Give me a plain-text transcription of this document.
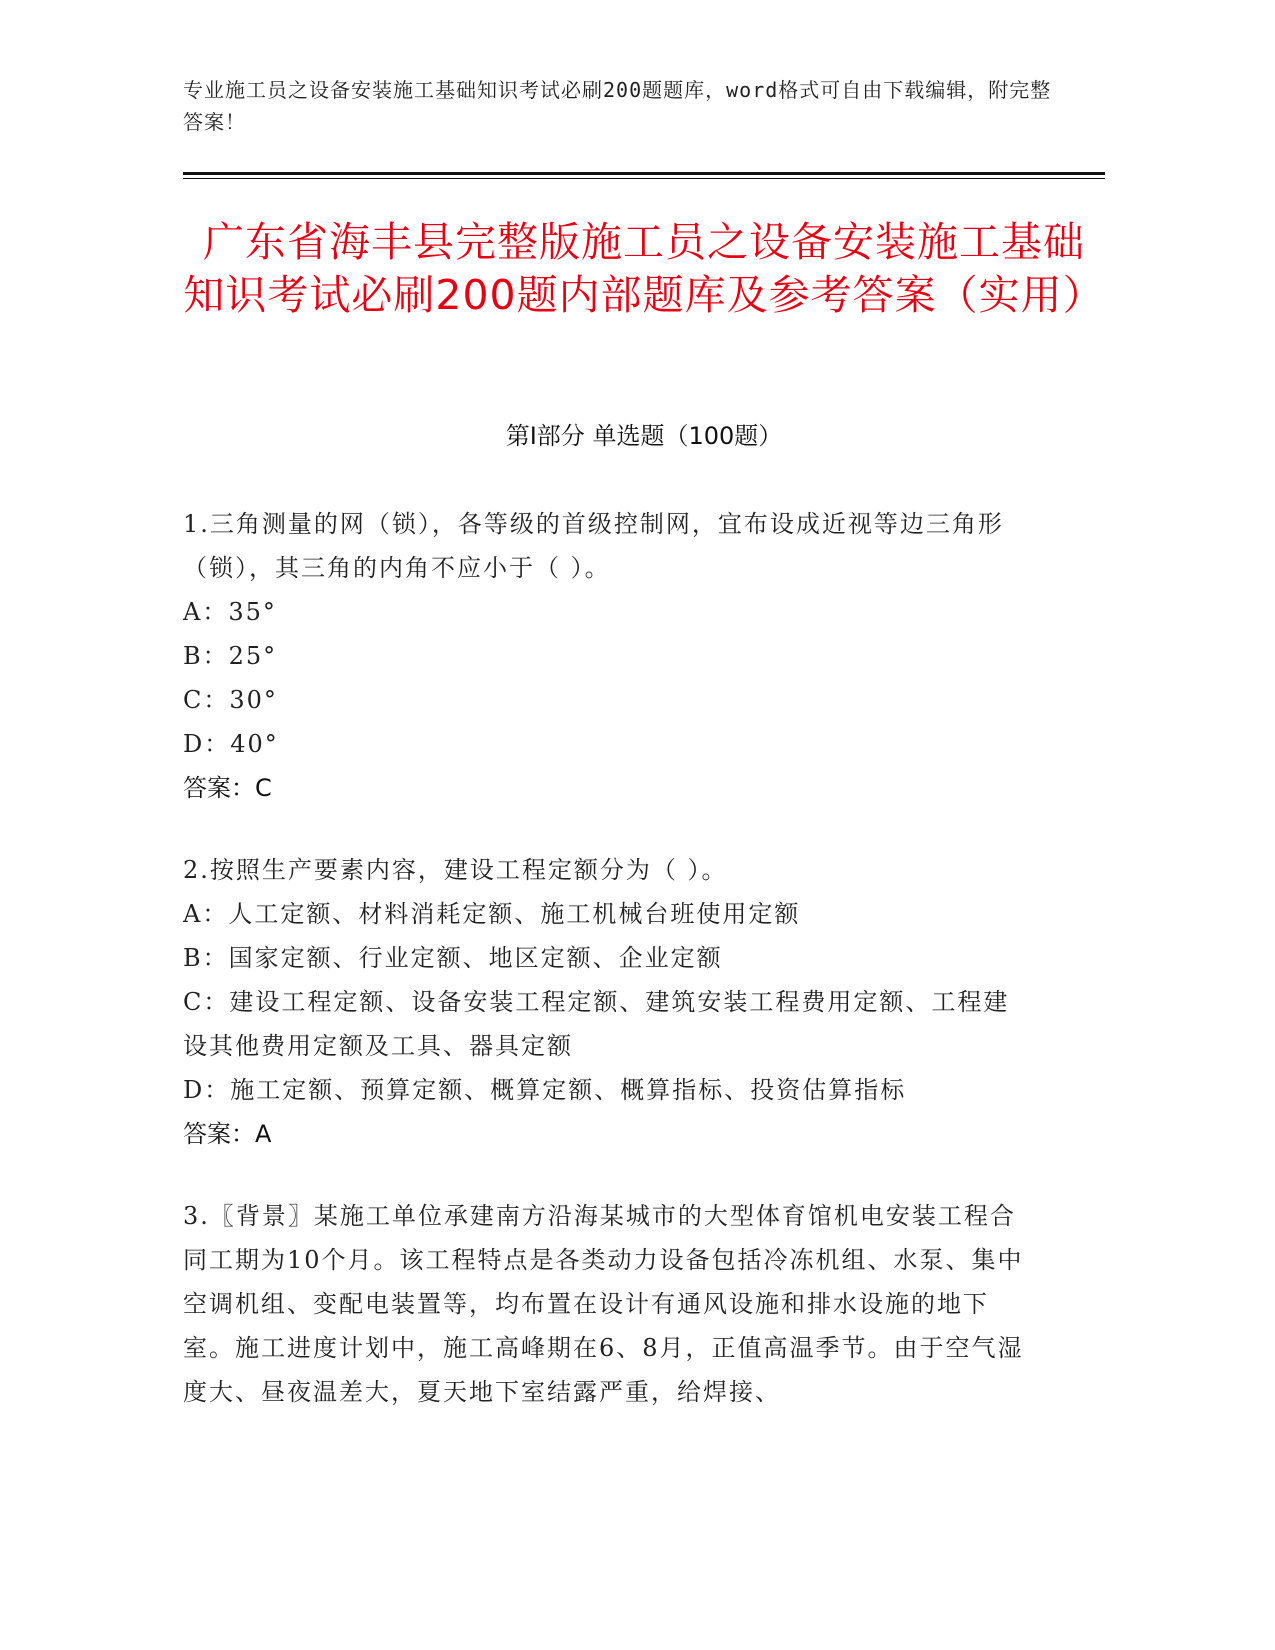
专业施工员之设备安装施工基础知识考试必刷200题题库，word格式可自由下载编辑，附完整答案！
广东省海丰县完整版施工员之设备安装施工基础知识考试必刷200题内部题库及参考答案（实用）
第Ⅰ部分 单选题（100题）

1.三角测量的网（锁），各等级的首级控制网，宜布设成近视等边三角形（锁），其三角的内角不应小于（ ）。

A：35°

B：25°

C：30°

D：40°

答案：C

2.按照生产要素内容，建设工程定额分为（ ）。

A：人工定额、材料消耗定额、施工机械台班使用定额

B：国家定额、行业定额、地区定额、企业定额

C：建设工程定额、设备安装工程定额、建筑安装工程费用定额、工程建设其他费用定额及工具、器具定额

D：施工定额、预算定额、概算定额、概算指标、投资估算指标

答案：A

3.〖背景〗某施工单位承建南方沿海某城市的大型体育馆机电安装工程合同工期为10个月。该工程特点是各类动力设备包括冷冻机组、水泵、集中空调机组、变配电装置等，均布置在设计有通风设施和排水设施的地下室。施工进度计划中，施工高峰期在6、8月，正值高温季节。由于空气湿度大、昼夜温差大，夏天地下室结露严重，给焊接、
